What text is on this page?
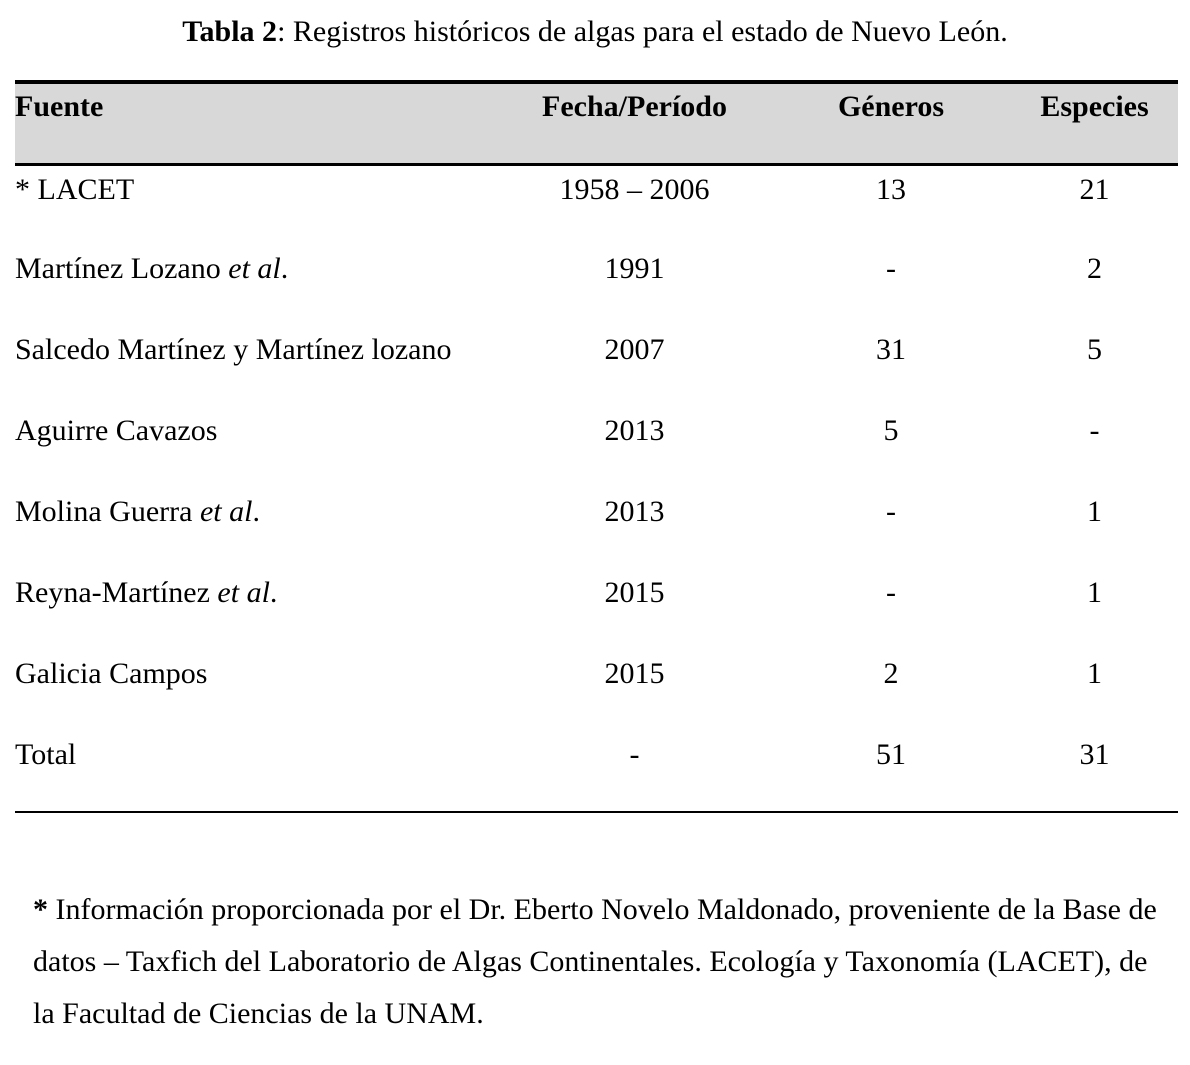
Tabla 2: Registros históricos de algas para el estado de Nuevo León.
Fuente	Fecha/Período	Géneros	Especies
* LACET	1958 – 2006	13	21
Martínez Lozano et al.	1991	-	2
Salcedo Martínez y Martínez lozano	2007	31	5
Aguirre Cavazos	2013	5	-
Molina Guerra et al.	2013	-	1
Reyna-Martínez et al.	2015	-	1
Galicia Campos	2015	2	1
Total	-	51	31
* Información proporcionada por el Dr. Eberto Novelo Maldonado, proveniente de la Base de datos – Taxfich del Laboratorio de Algas Continentales. Ecología y Taxonomía (LACET), de la Facultad de Ciencias de la UNAM.
